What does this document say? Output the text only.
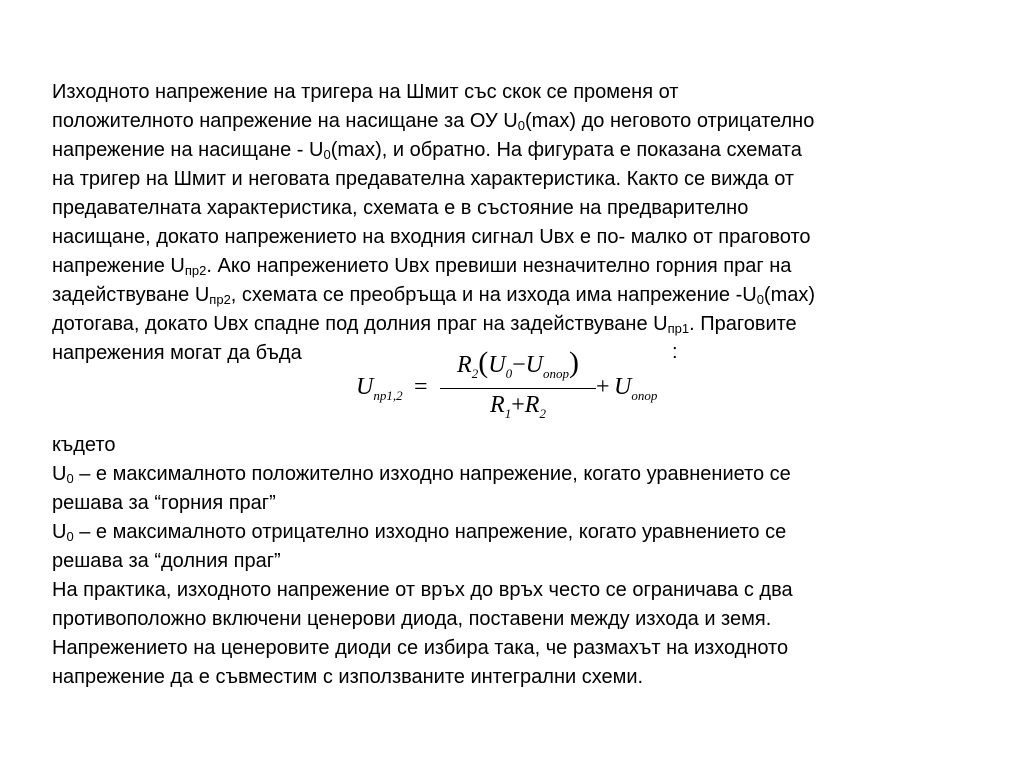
Изходното напрежение на тригера на Шмит със скок се променя от
положителното напрежение на насищане за ОУ $U_0(\max)$ до неговото отрицателно
напрежение на насищане - $U_0(\max)$, и обратно. На фигурата е показана схемата
на тригер на Шмит и неговата предавателна характеристика. Както се вижда от
предавателната характеристика, схемата е в състояние на предварително
насищане, докато напрежението на входния сигнал Uвх е по- малко от праговото
напрежение $U_{пр2}$. Ако напрежението Uвх превиши незначително горния праг на
задействуване $U_{пр2}$, схемата се преобръща и на изхода има напрежение $-U_0(\max)$
дотогава, докато Uвх спадне под долния праг на задействуване $U_{пр1}$. Праговите
напрежения могат да бъда	:
$U_{пр1,2}$ =
$R_2(U_0-U_{опор})$
$R_1+R_2$
+ $U_{опор}$
където
$U_0$ – е максималното положително изходно напрежение, когато уравнението се
решава за “горния праг”
$U_0$ – е максималното отрицателно изходно напрежение, когато уравнението се
решава за “долния праг”
На практика, изходното напрежение от връх до връх често се ограничава с два
противоположно включени ценерови диода, поставени между изхода и земя.
Напрежението на ценеровите диоди се избира така, че размахът на изходното
напрежение да е съвместим с използваните интегрални схеми.
